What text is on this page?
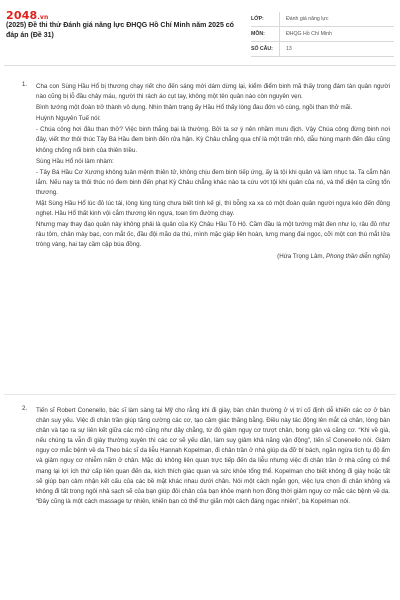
2048.vn
(2025) Đề thi thử Đánh giá năng lực ĐHQG Hồ Chí Minh năm 2025 có đáp án (Đề 31)
LỚP:	Đánh giá năng lực
MÔN:	ĐHQG Hồ Chí Minh
SỐ CÂU:	13
1. Cha con Sùng Hầu Hổ bị thương chạy riết cho đến sáng mới dám dừng lại, kiểm điểm binh mã thấy trong đám tàn quân người nào cũng bị lỗ đầu chảy máu, người thì rách áo cụt tay, không một tên quân nào còn nguyên vẹn.

Bình tướng một đoàn trở thành vô dụng. Nhìn thảm trạng ấy Hầu Hổ thấy lòng đau đớn vô cùng, ngồi than thở mãi.

Huỳnh Nguyên Tuế nói:

- Chúa công hơi đâu than thở? Việc binh thắng bại là thường. Bởi ta sơ ý nên nhầm mưu địch. Vậy Chúa công đừng binh nơi đây, viết thơ thôi thúc Tây Bá Hầu đem binh đến rửa hận. Kỳ Châu chẳng qua chỉ là một trấn nhỏ, dẫu hùng mạnh đến đâu cũng không chống nổi binh của thiên triều.

Sùng Hầu Hổ nói làm nhàm:

- Tây Bá Hầu Cơ Xương không tuân mệnh thiên tử, không chịu đem binh tiếp ứng, ấy là tội khi quân và làm nhục ta. Ta cắm hận lắm. Nếu nay ta thôi thúc nó đem binh đến phạt Kỳ Châu chẳng khác nào ta cứu vớt tội khi quân của nó, và thể diện ta cũng tổn thương.

Mặt Sùng Hầu Hổ lúc đỏ lúc tái, lòng lúng túng chưa biết tính kế gì, thì bỗng xa xa có một đoàn quân người ngựa kéo đến đông nghẹt. Hầu Hổ thất kinh vội cắm thương lên ngựa, toan tìm đường chạy.

Nhưng may thay đạo quân này không phải là quân của Kỳ Châu Hầu Tô Hộ. Cầm đầu là một tướng mặt đen như lọ, râu đỏ như râu tôm, chân mày bạc, con mắt ốc, đầu đội mão da thú, mình mặc giáp liên hoàn, lưng mang đai ngọc, cỡi một con thú mắt lửa tròng vàng, hai tay cầm cặp búa đồng.

(Hứa Trọng Lâm, Phong thần diễn nghĩa)

2. Tiến sĩ Robert Conenello, bác sĩ làm sàng tại Mỹ cho rằng khi đi giày, bàn chân thường ở vị trí cố định dễ khiến các cơ ở bàn chân suy yếu. Việc đi chân trần giúp tăng cường các cơ, tạo cảm giác thăng bằng. Điều này tác động lên mắt cá chân, lòng bàn chân và tạo ra sự liên kết giữa các mô cũng như dây chằng, từ đó giảm nguy cơ trượt chân, bong gân và căng cơ. “Khi về già, nếu chúng ta vẫn đi giày thường xuyên thì các cơ sẽ yếu dần, làm suy giảm khả năng vận động”, tiến sĩ Conenello nói. Giảm nguy cơ mắc bệnh về da Theo bác sĩ da liễu Hannah Kopelman, đi chân trần ở nhà giúp da đỡ bí bách, ngăn ngừa tích tụ độ ẩm và giảm nguy cơ nhiễm nấm ở chân. Mặc dù không liên quan trực tiếp đến da liễu nhưng việc đi chân trần ở nhà cũng có thể mang lại lợi ích thứ cấp liên quan đến da, kích thích giác quan và sức khỏe tổng thể. Kopelman cho biết không đi giày hoặc tất sẽ giúp bạn cảm nhận kết cấu của các bề mặt khác nhau dưới chân. Nói một cách ngắn gọn, việc lựa chọn đi chân không và không đi tất trong ngôi nhà sạch sẽ của bạn giúp đôi chân của bạn khỏe mạnh hơn đồng thời giảm nguy cơ mắc các bệnh về da. “Đây cũng là một cách massage tự nhiên, khiến bạn có thể thư giãn một cách đáng ngạc nhiên”, bà Kopelman nói.
